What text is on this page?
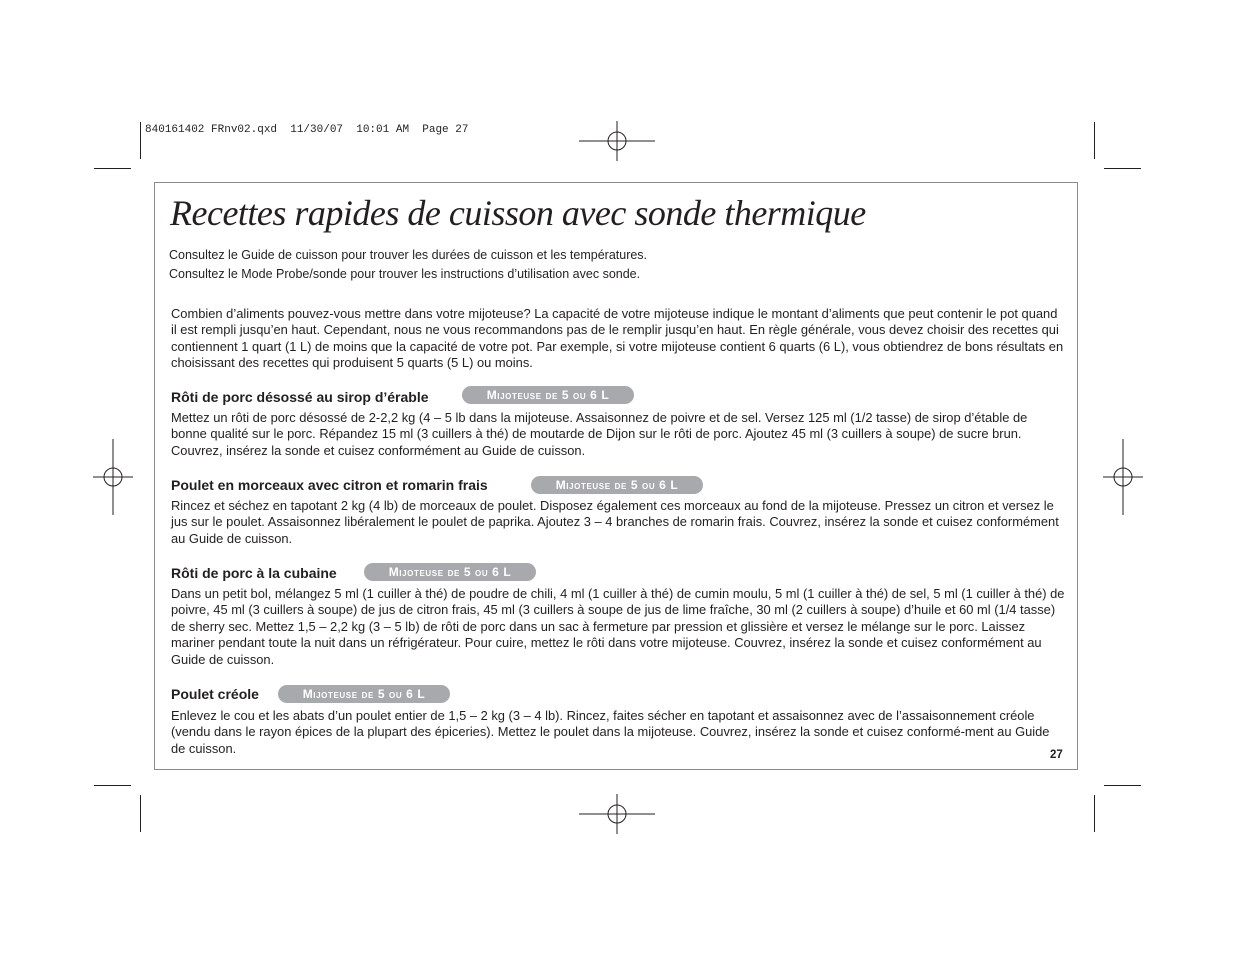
840161402 FRnv02.qxd  11/30/07  10:01 AM  Page 27
Recettes rapides de cuisson avec sonde thermique
Consultez le Guide de cuisson pour trouver les durées de cuisson et les températures.
Consultez le Mode Probe/sonde pour trouver les instructions d’utilisation avec sonde.

Combien d’aliments pouvez-vous mettre dans votre mijoteuse? La capacité de votre mijoteuse indique le montant d’aliments que peut contenir le pot quand il est rempli jusqu’en haut. Cependant, nous ne vous recommandons pas de le remplir jusqu’en haut. En règle générale, vous devez choisir des recettes qui contiennent 1 quart (1 L) de moins que la capacité de votre pot. Par exemple, si votre mijoteuse contient 6 quarts (6 L), vous obtiendrez de bons résultats en choisissant des recettes qui produisent 5 quarts (5 L) ou moins.

Rôti de porc désossé au sirop d’érable	Mijoteuse de 5 ou 6 L

Mettez un rôti de porc désossé de 2-2,2 kg (4 – 5 lb dans la mijoteuse. Assaisonnez de poivre et de sel. Versez 125 ml (1/2 tasse) de sirop d’étable de bonne qualité sur le porc. Répandez 15 ml (3 cuillers à thé) de moutarde de Dijon sur le rôti de porc. Ajoutez 45 ml (3 cuillers à soupe) de sucre brun. Couvrez, insérez la sonde et cuisez conformément au Guide de cuisson.

Poulet en morceaux avec citron et romarin frais	Mijoteuse de 5 ou 6 L

Rincez et séchez en tapotant 2 kg (4 lb) de morceaux de poulet. Disposez également ces morceaux au fond de la mijoteuse. Pressez un citron et versez le jus sur le poulet. Assaisonnez libéralement le poulet de paprika. Ajoutez 3 – 4 branches de romarin frais. Couvrez, insérez la sonde et cuisez conformément au Guide de cuisson.

Rôti de porc à la cubaine	Mijoteuse de 5 ou 6 L

Dans un petit bol, mélangez 5 ml (1 cuiller à thé) de poudre de chili, 4 ml (1 cuiller à thé) de cumin moulu, 5 ml (1 cuiller à thé) de sel, 5 ml (1 cuiller à thé) de poivre, 45 ml (3 cuillers à soupe) de jus de citron frais, 45 ml (3 cuillers à soupe de jus de lime fraîche, 30 ml (2 cuillers à soupe) d’huile et 60 ml (1/4 tasse) de sherry sec. Mettez 1,5 – 2,2 kg (3 – 5 lb) de rôti de porc dans un sac à fermeture par pression et glissière et versez le mélange sur le porc. Laissez mariner pendant toute la nuit dans un réfrigérateur. Pour cuire, mettez le rôti dans votre mijoteuse. Couvrez, insérez la sonde et cuisez conformément au Guide de cuisson.

Poulet créole	Mijoteuse de 5 ou 6 L

Enlevez le cou et les abats d’un poulet entier de 1,5 – 2 kg (3 – 4 lb). Rincez, faites sécher en tapotant et assaisonnez avec de l’assaisonnement créole (vendu dans le rayon épices de la plupart des épiceries). Mettez le poulet dans la mijoteuse. Couvrez, insérez la sonde et cuisez conformé-ment au Guide de cuisson.	27
